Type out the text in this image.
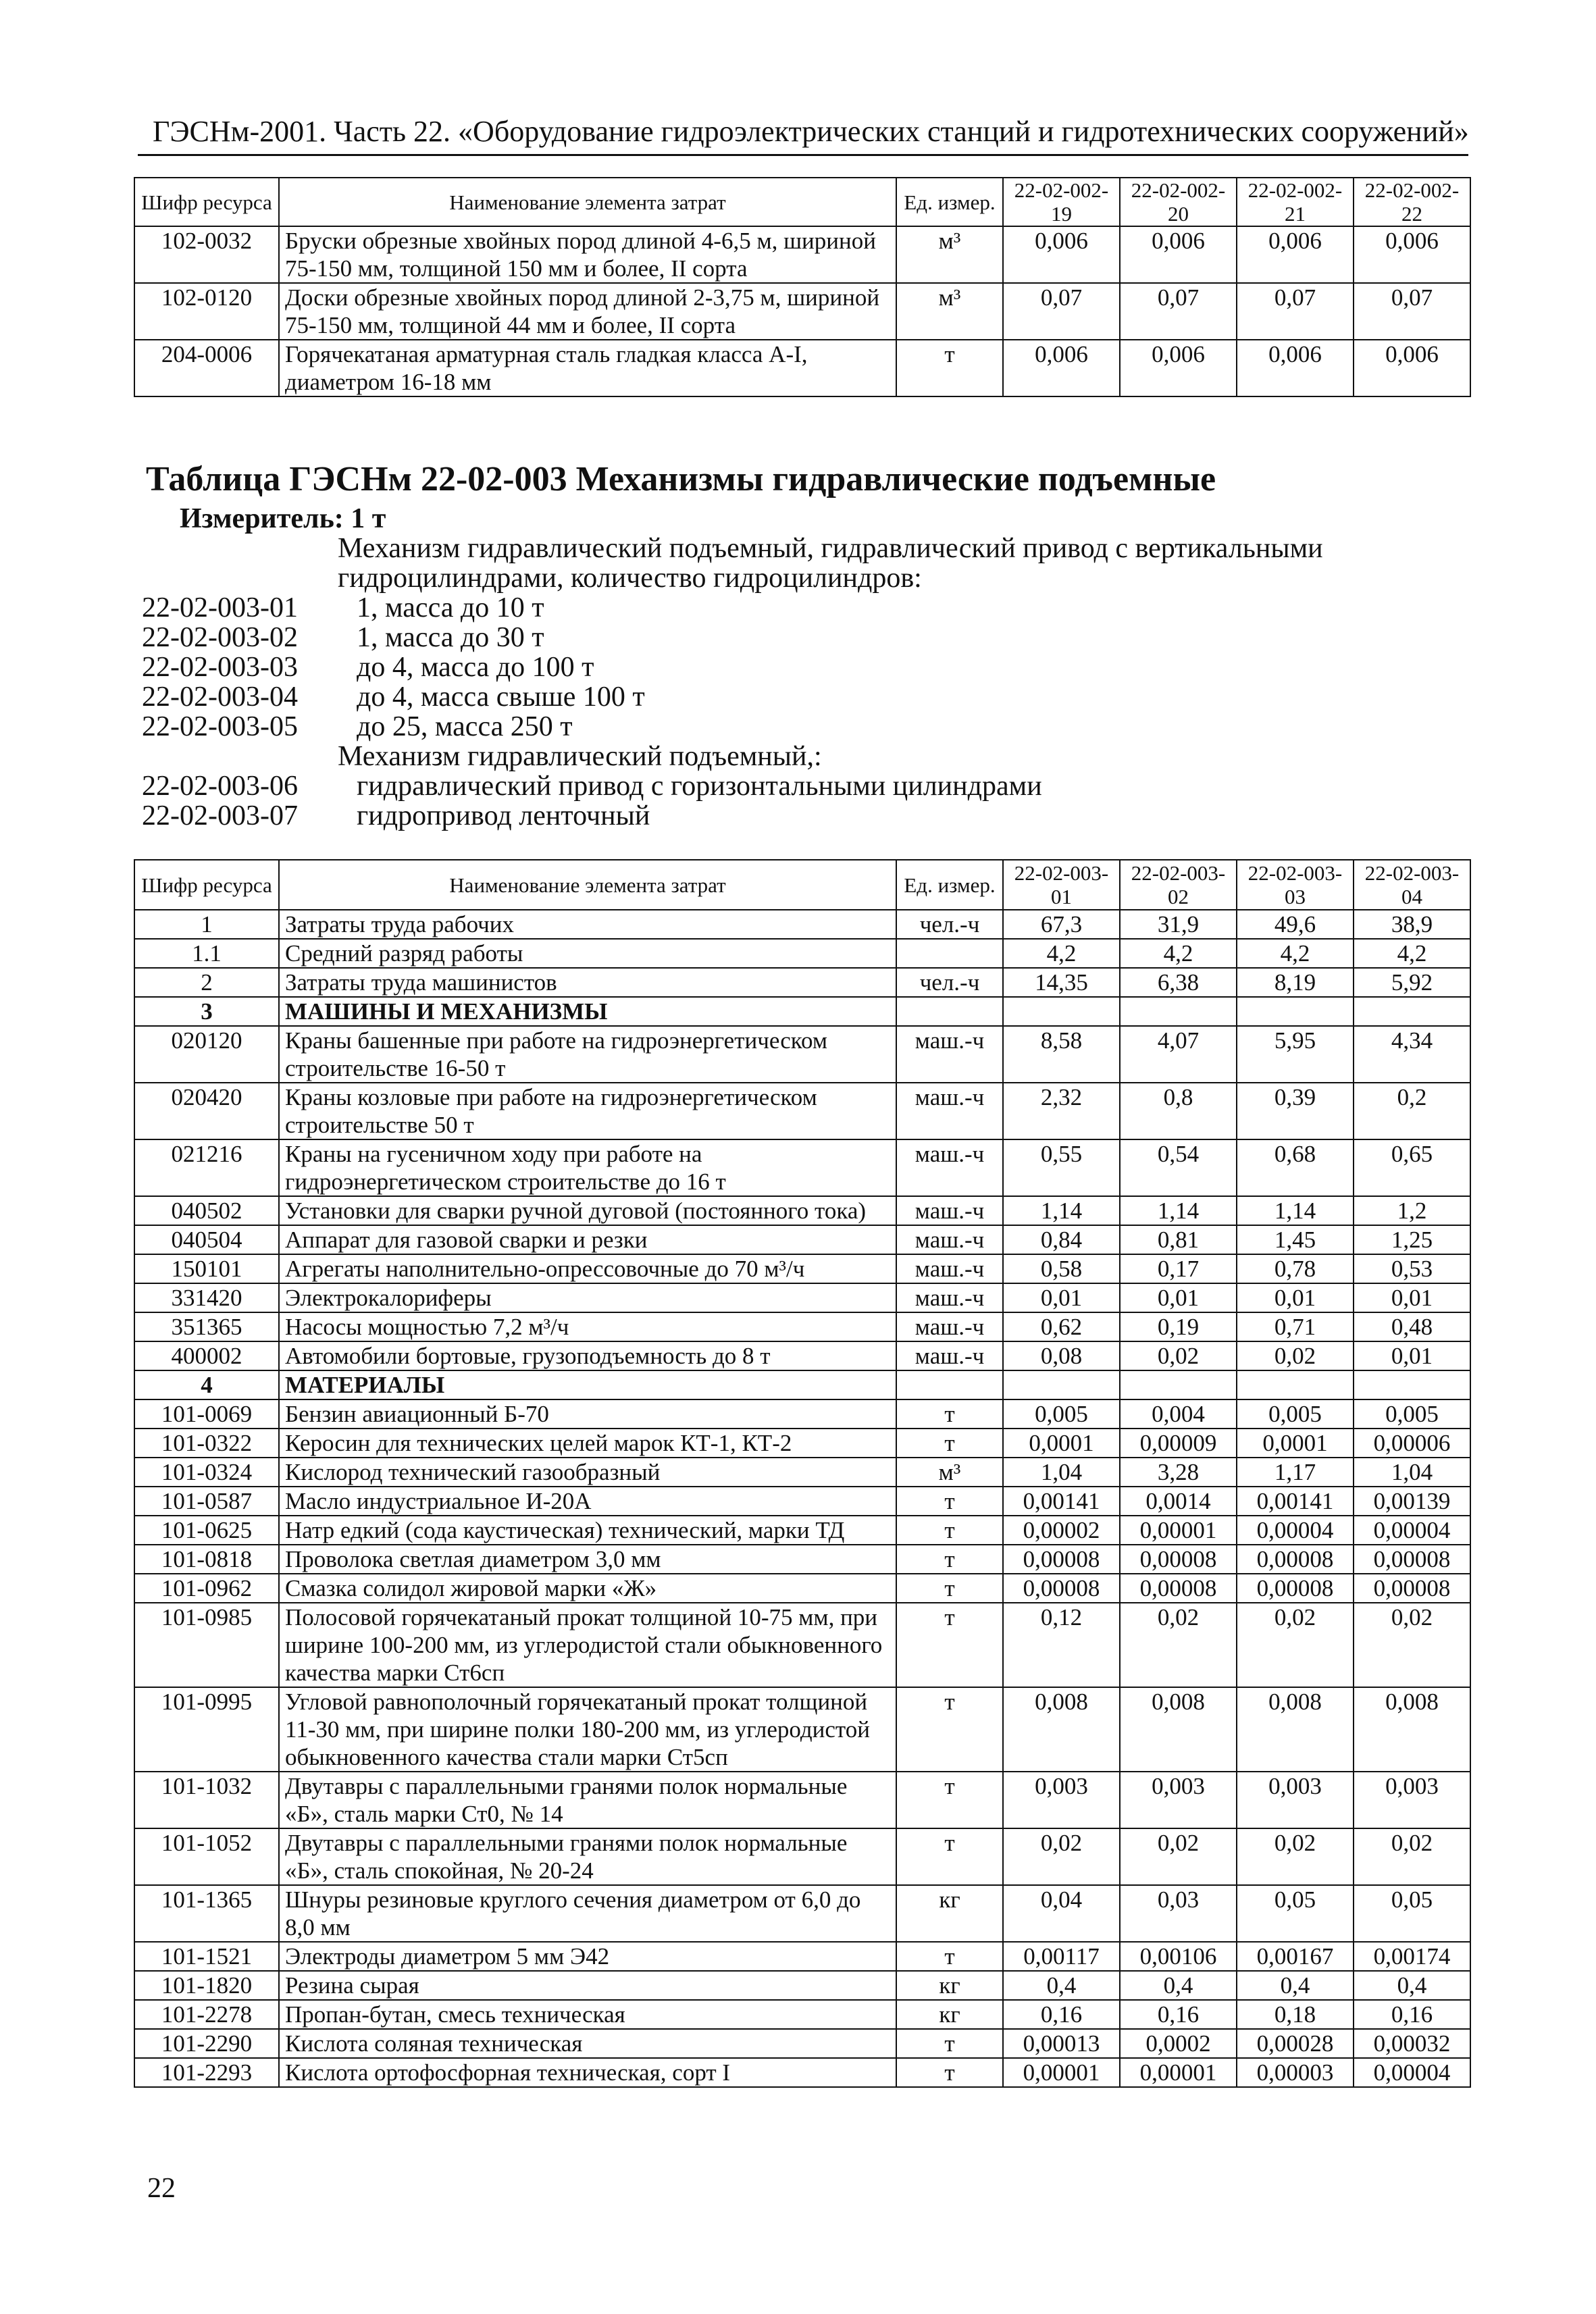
ГЭСНм-2001. Часть 22. «Оборудование гидроэлектрических станций и гидротехнических сооружений»
Шифр ресурса	Наименование элемента затрат	Ед. измер.	22-02-002-19	22-02-002-20	22-02-002-21	22-02-002-22
102-0032	Бруски обрезные хвойных пород длиной 4-6,5 м, шириной 75-150 мм, толщиной 150 мм и более, II сорта	м³	0,006	0,006	0,006	0,006
102-0120	Доски обрезные хвойных пород длиной 2-3,75 м, шириной 75-150 мм, толщиной 44 мм и более, II сорта	м³	0,07	0,07	0,07	0,07
204-0006	Горячекатаная арматурная сталь гладкая класса А-I, диаметром 16-18 мм	т	0,006	0,006	0,006	0,006
Таблица ГЭСНм 22-02-003 Механизмы гидравлические подъемные
Измеритель: 1 т
Механизм гидравлический подъемный, гидравлический привод с вертикальными
гидроцилиндрами, количество гидроцилиндров:
22-02-003-01 1, масса до 10 т
22-02-003-02 1, масса до 30 т
22-02-003-03 до 4, масса до 100 т
22-02-003-04 до 4, масса свыше 100 т
22-02-003-05 до 25, масса 250 т
Механизм гидравлический подъемный,:
22-02-003-06 гидравлический привод с горизонтальными цилиндрами
22-02-003-07 гидропривод ленточный
Шифр ресурса	Наименование элемента затрат	Ед. измер.	22-02-003-01	22-02-003-02	22-02-003-03	22-02-003-04
1	Затраты труда рабочих	чел.-ч	67,3	31,9	49,6	38,9
1.1	Средний разряд работы		4,2	4,2	4,2	4,2
2	Затраты труда машинистов	чел.-ч	14,35	6,38	8,19	5,92
3	МАШИНЫ И МЕХАНИЗМЫ					
020120	Краны башенные при работе на гидроэнергетическом строительстве 16-50 т	маш.-ч	8,58	4,07	5,95	4,34
020420	Краны козловые при работе на гидроэнергетическом строительстве 50 т	маш.-ч	2,32	0,8	0,39	0,2
021216	Краны на гусеничном ходу при работе на гидроэнергетическом строительстве до 16 т	маш.-ч	0,55	0,54	0,68	0,65
040502	Установки для сварки ручной дуговой (постоянного тока)	маш.-ч	1,14	1,14	1,14	1,2
040504	Аппарат для газовой сварки и резки	маш.-ч	0,84	0,81	1,45	1,25
150101	Агрегаты наполнительно-опрессовочные до 70 м³/ч	маш.-ч	0,58	0,17	0,78	0,53
331420	Электрокалориферы	маш.-ч	0,01	0,01	0,01	0,01
351365	Насосы мощностью 7,2 м³/ч	маш.-ч	0,62	0,19	0,71	0,48
400002	Автомобили бортовые, грузоподъемность до 8 т	маш.-ч	0,08	0,02	0,02	0,01
4	МАТЕРИАЛЫ					
101-0069	Бензин авиационный Б-70	т	0,005	0,004	0,005	0,005
101-0322	Керосин для технических целей марок КТ-1, КТ-2	т	0,0001	0,00009	0,0001	0,00006
101-0324	Кислород технический газообразный	м³	1,04	3,28	1,17	1,04
101-0587	Масло индустриальное И-20А	т	0,00141	0,0014	0,00141	0,00139
101-0625	Натр едкий (сода каустическая) технический, марки ТД	т	0,00002	0,00001	0,00004	0,00004
101-0818	Проволока светлая диаметром 3,0 мм	т	0,00008	0,00008	0,00008	0,00008
101-0962	Смазка солидол жировой марки «Ж»	т	0,00008	0,00008	0,00008	0,00008
101-0985	Полосовой горячекатаный прокат толщиной 10-75 мм, при ширине 100-200 мм, из углеродистой стали обыкновенного качества марки Ст6сп	т	0,12	0,02	0,02	0,02
101-0995	Угловой равнополочный горячекатаный прокат толщиной 11-30 мм, при ширине полки 180-200 мм, из углеродистой обыкновенного качества стали марки Ст5сп	т	0,008	0,008	0,008	0,008
101-1032	Двутавры с параллельными гранями полок нормальные «Б», сталь марки Ст0, № 14	т	0,003	0,003	0,003	0,003
101-1052	Двутавры с параллельными гранями полок нормальные «Б», сталь спокойная, № 20-24	т	0,02	0,02	0,02	0,02
101-1365	Шнуры резиновые круглого сечения диаметром от 6,0 до 8,0 мм	кг	0,04	0,03	0,05	0,05
101-1521	Электроды диаметром 5 мм Э42	т	0,00117	0,00106	0,00167	0,00174
101-1820	Резина сырая	кг	0,4	0,4	0,4	0,4
101-2278	Пропан-бутан, смесь техническая	кг	0,16	0,16	0,18	0,16
101-2290	Кислота соляная техническая	т	0,00013	0,0002	0,00028	0,00032
101-2293	Кислота ортофосфорная техническая, сорт I	т	0,00001	0,00001	0,00003	0,00004
22
